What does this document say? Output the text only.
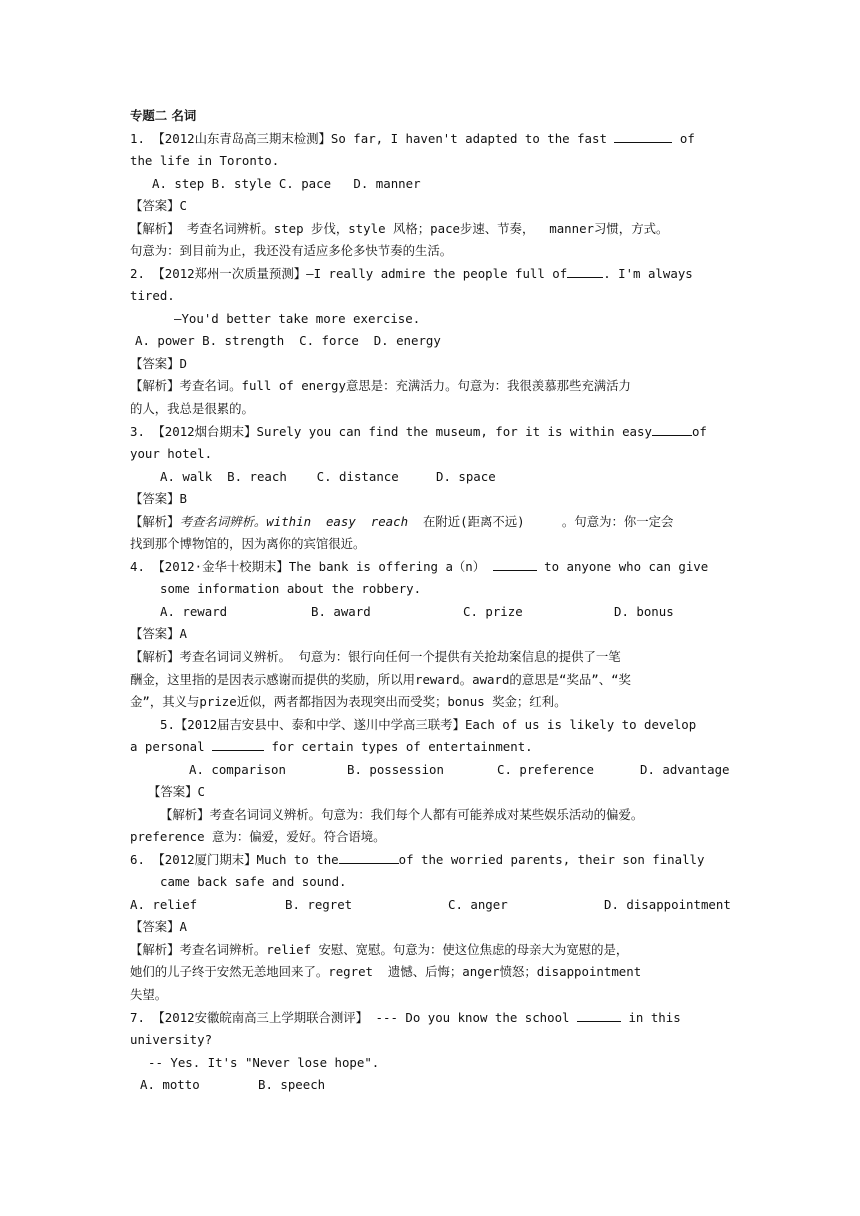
专题二 名词
1. 【2012山东青岛高三期末检测】So far, I haven't adapted to the fast	of
the life in Toronto.
A. step B. style C. pace   D. manner
【答案】C
【解析】 考查名词辨析。step 步伐，style 风格；pace步速、节奏，  manner习惯，方式。
句意为：到目前为止，我还没有适应多伦多快节奏的生活。
2. 【2012郑州一次质量预测】—I really admire the people full of	. I'm always
tired.
—You'd better take more exercise.
A. power B. strength  C. force  D. energy
【答案】D
【解析】考查名词。full of energy意思是：充满活力。句意为：我很羡慕那些充满活力
的人，我总是很累的。
3. 【2012烟台期末】Surely you can find the museum, for it is within easy	of
your hotel.
A. walk  B. reach    C. distance     D. space
【答案】B
【解析】考查名词辨析。within  easy  reach 在附近(距离不远)     。句意为：你一定会
找到那个博物馆的，因为离你的宾馆很近。
4. 【2012·金华十校期末】The bank is offering a（n）	to anyone who can give
some information about the robbery.
A. reward	B. award	C. prize	D. bonus
【答案】A
【解析】考查名词词义辨析。 句意为：银行向任何一个提供有关抢劫案信息的提供了一笔
酬金，这里指的是因表示感谢而提供的奖励，所以用reward。award的意思是“奖品”、“奖
金”，其义与prize近似，两者都指因为表现突出而受奖；bonus 奖金；红利。
5.【2012届吉安县中、泰和中学、遂川中学高三联考】Each of us is likely to develop
a personal	for certain types of entertainment.
A. comparison	B. possession	C. preference	D. advantage
【答案】C
【解析】考查名词词义辨析。句意为：我们每个人都有可能养成对某些娱乐活动的偏爱。
preference 意为：偏爱，爱好。符合语境。
6. 【2012厦门期末】Much to the	of the worried parents, their son finally
came back safe and sound.
A. relief	B. regret	C. anger	D. disappointment
【答案】A
【解析】考查名词辨析。relief 安慰、宽慰。句意为：使这位焦虑的母亲大为宽慰的是，
她们的儿子终于安然无恙地回来了。regret  遗憾、后悔；anger愤怒；disappointment
失望。
7. 【2012安徽皖南高三上学期联合测评】 --- Do you know the school	in this
university?
-- Yes. It's "Never lose hope".
A. motto	B. speech
